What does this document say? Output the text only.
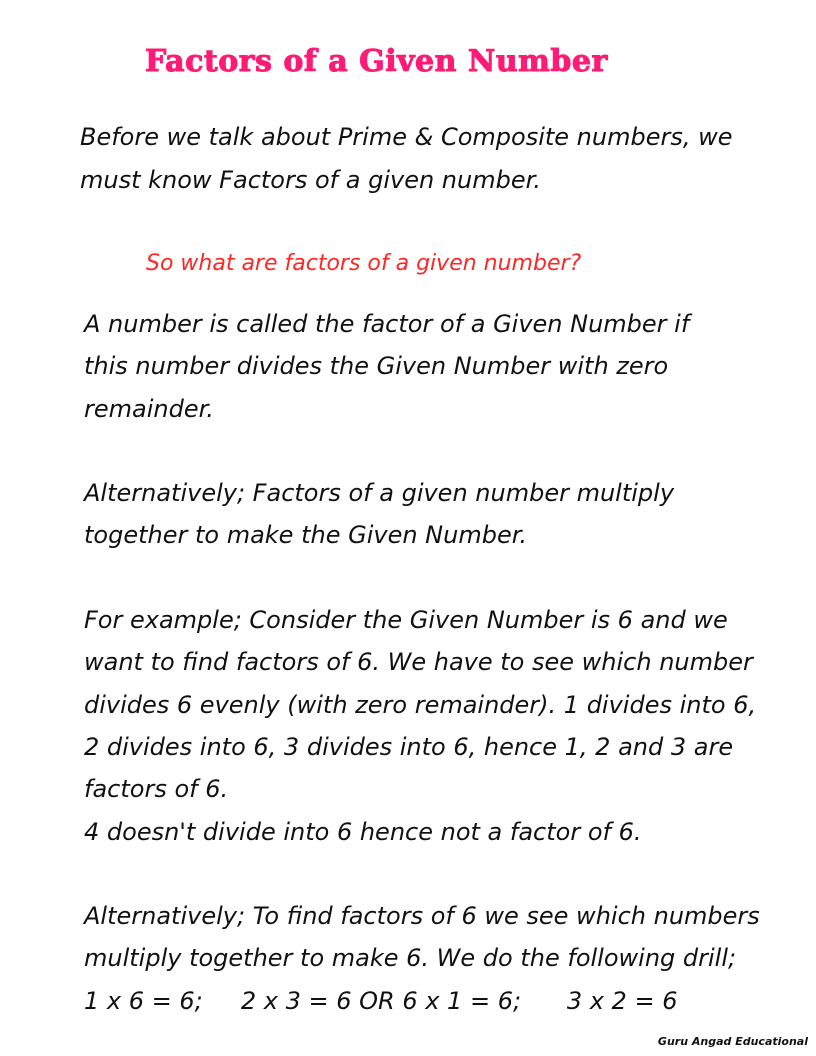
Factors of a Given Number
Before we talk about Prime & Composite numbers, we
must know Factors of a given number.
So what are factors of a given number?

A number is called the factor of a Given Number if
this number divides the Given Number with zero
remainder.

Alternatively; Factors of a given number multiply
together to make the Given Number.

For example; Consider the Given Number is 6 and we
want to find factors of 6. We have to see which number
divides 6 evenly (with zero remainder). 1 divides into 6,
2 divides into 6, 3 divides into 6, hence 1, 2 and 3 are
factors of 6.
4 doesn't divide into 6 hence not a factor of 6.

Alternatively; To find factors of 6 we see which numbers
multiply together to make 6. We do the following drill;
1 x 6 = 6;     2 x 3 = 6 OR 6 x 1 = 6;      3 x 2 = 6

Guru Angad Educational
